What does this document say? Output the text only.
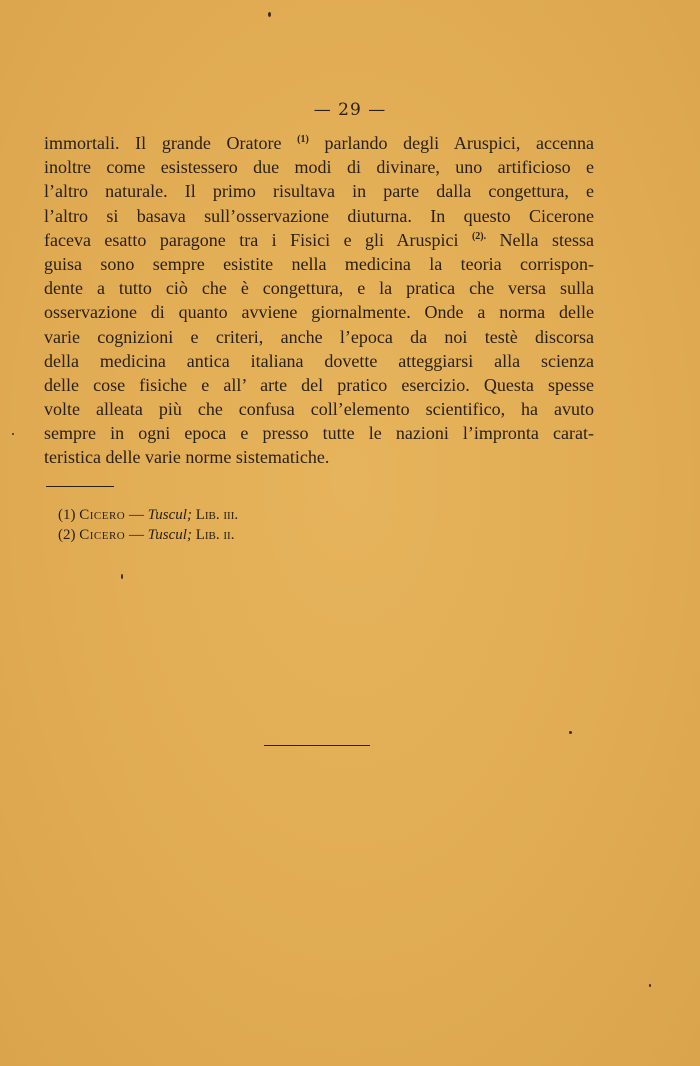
— 29 —
immortali. Il grande Oratore $^{(1)}$ parlando degli Aruspici, accenna
inoltre come esistessero due modi di divinare, uno artificioso e
l’altro naturale. Il primo risultava in parte dalla congettura, e
l’altro si basava sull’osservazione diuturna. In questo Cicerone
faceva esatto paragone tra i Fisici e gli Aruspici $^{(2).}$ Nella stessa
guisa sono sempre esistite nella medicina la teoria corrispon-
dente a tutto ciò che è congettura, e la pratica che versa sulla
osservazione di quanto avviene giornalmente. Onde a norma delle
varie cognizioni e criteri, anche l’epoca da noi testè discorsa
della medicina antica italiana dovette atteggiarsi alla scienza
delle cose fisiche e all’ arte del pratico esercizio. Questa spesse
volte alleata più che confusa coll’elemento scientifico, ha avuto
sempre in ogni epoca e presso tutte le nazioni l’impronta carat-
teristica delle varie norme sistematiche.
(1) Cicero — Tuscul; Lib. iii.
(2) Cicero — Tuscul; Lib. ii.
